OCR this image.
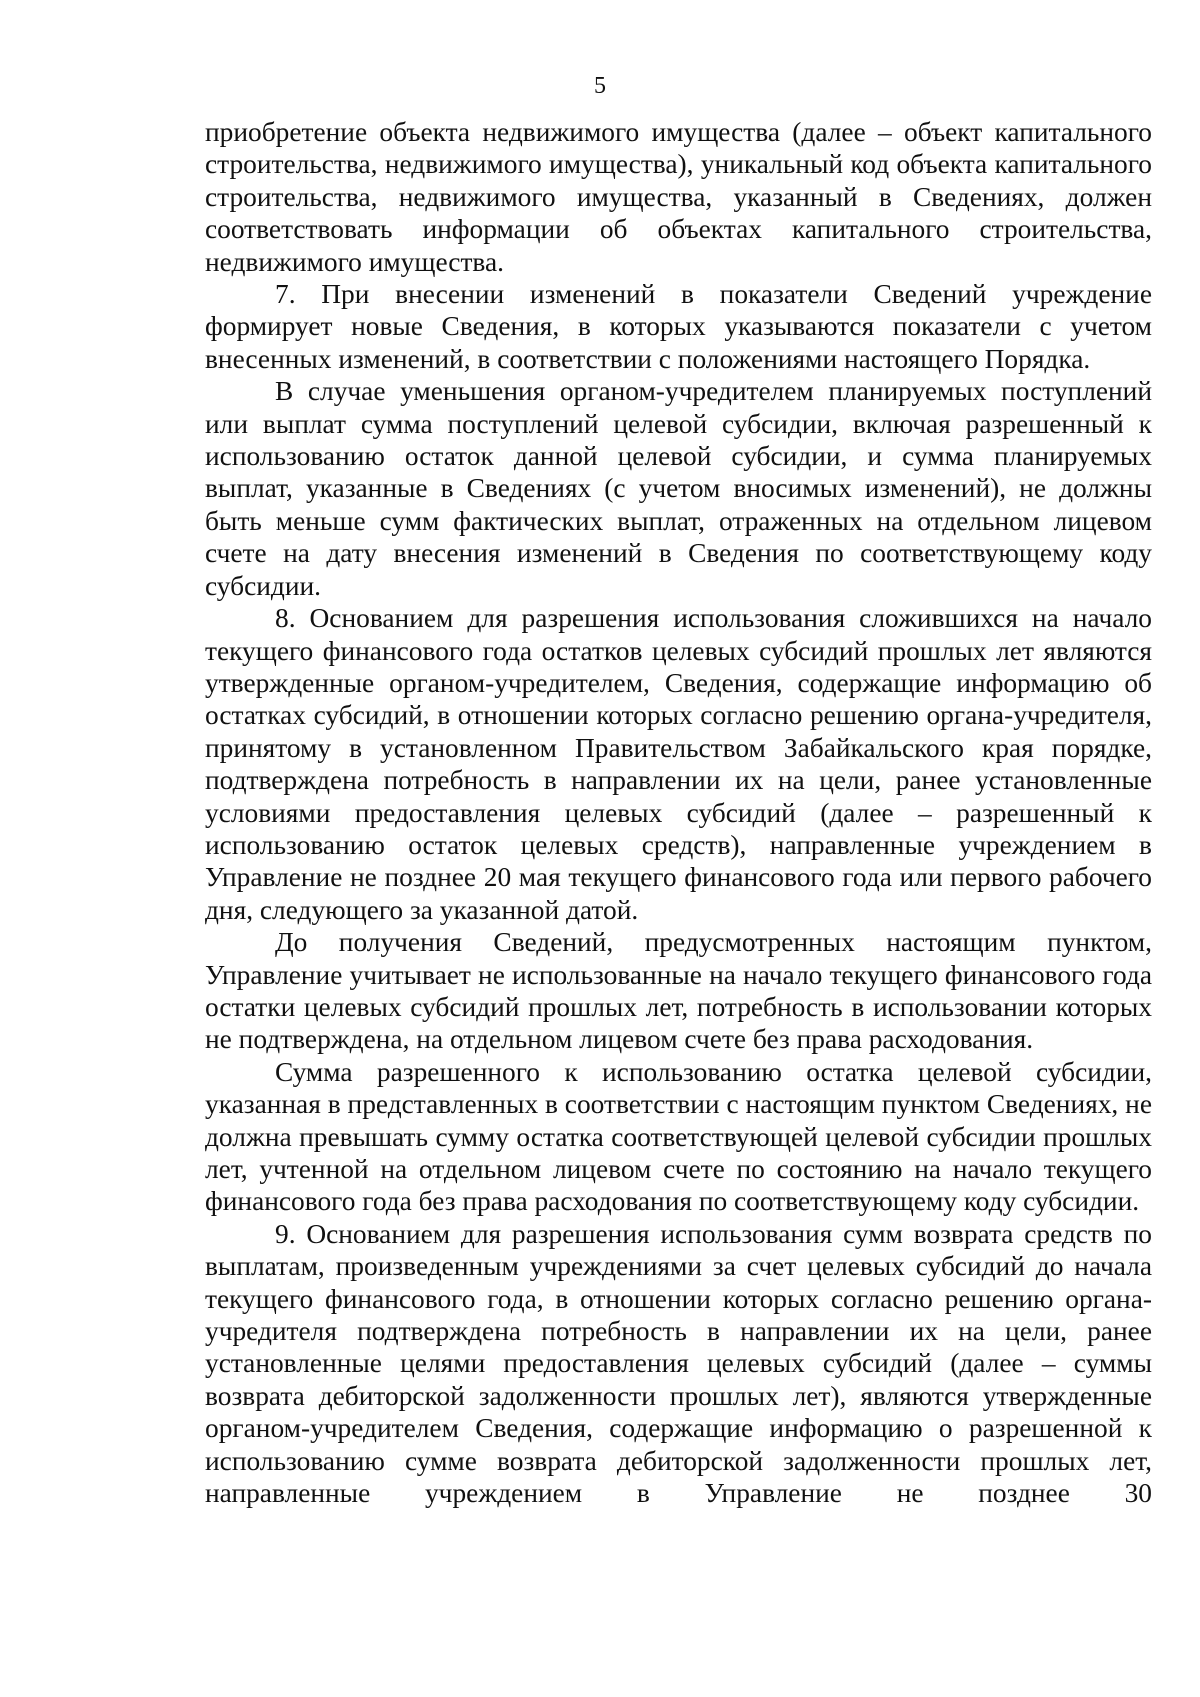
5

приобретение объекта недвижимого имущества (далее – объект капитального строительства, недвижимого имущества), уникальный код объекта капитального строительства, недвижимого имущества, указанный в Сведениях, должен соответствовать информации об объектах капитального строительства, недвижимого имущества.

7. При внесении изменений в показатели Сведений учреждение формирует новые Сведения, в которых указываются показатели с учетом внесенных изменений, в соответствии с положениями настоящего Порядка.

В случае уменьшения органом-учредителем планируемых поступлений или выплат сумма поступлений целевой субсидии, включая разрешенный к использованию остаток данной целевой субсидии, и сумма планируемых выплат, указанные в Сведениях (с учетом вносимых изменений), не должны быть меньше сумм фактических выплат, отраженных на отдельном лицевом счете на дату внесения изменений в Сведения по соответствующему коду субсидии.

8. Основанием для разрешения использования сложившихся на начало текущего финансового года остатков целевых субсидий прошлых лет являются утвержденные органом-учредителем, Сведения, содержащие информацию об остатках субсидий, в отношении которых согласно решению органа-учредителя, принятому в установленном Правительством Забайкальского края порядке, подтверждена потребность в направлении их на цели, ранее установленные условиями предоставления целевых субсидий (далее – разрешенный к использованию остаток целевых средств), направленные учреждением в Управление не позднее 20 мая текущего финансового года или первого рабочего дня, следующего за указанной датой.

До получения Сведений, предусмотренных настоящим пунктом, Управление учитывает не использованные на начало текущего финансового года остатки целевых субсидий прошлых лет, потребность в использовании которых не подтверждена, на отдельном лицевом счете без права расходования.

Сумма разрешенного к использованию остатка целевой субсидии, указанная в представленных в соответствии с настоящим пунктом Сведениях, не должна превышать сумму остатка соответствующей целевой субсидии прошлых лет, учтенной на отдельном лицевом счете по состоянию на начало текущего финансового года без права расходования по соответствующему коду субсидии.

9. Основанием для разрешения использования сумм возврата средств по выплатам, произведенным учреждениями за счет целевых субсидий до начала текущего финансового года, в отношении которых согласно решению органа-учредителя подтверждена потребность в направлении их на цели, ранее установленные целями предоставления целевых субсидий (далее – суммы возврата дебиторской задолженности прошлых лет), являются утвержденные органом-учредителем Сведения, содержащие информацию о разрешенной к использованию сумме возврата дебиторской задолженности прошлых лет, направленные учреждением в Управление не позднее 30
